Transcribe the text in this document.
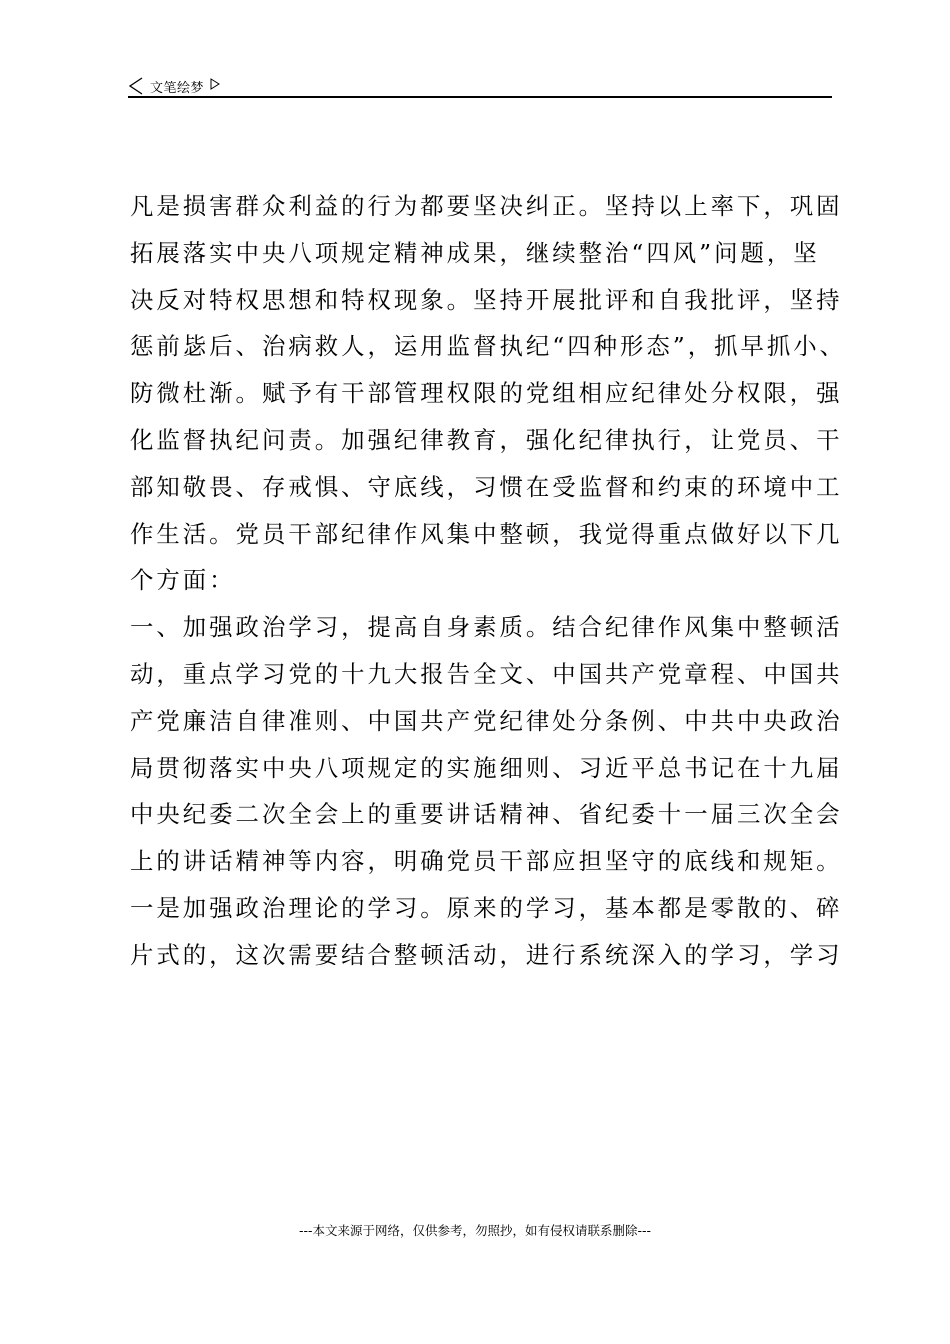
文笔绘梦
凡是损害群众利益的行为都要坚决纠正。坚持以上率下，巩固
拓展落实中央八项规定精神成果，继续整治“四风”问题，坚
决反对特权思想和特权现象。坚持开展批评和自我批评，坚持
惩前毖后、治病救人，运用监督执纪“四种形态”，抓早抓小、
防微杜渐。赋予有干部管理权限的党组相应纪律处分权限，强
化监督执纪问责。加强纪律教育，强化纪律执行，让党员、干
部知敬畏、存戒惧、守底线，习惯在受监督和约束的环境中工
作生活。党员干部纪律作风集中整顿，我觉得重点做好以下几
个方面：
一、加强政治学习，提高自身素质。结合纪律作风集中整顿活
动，重点学习党的十九大报告全文、中国共产党章程、中国共
产党廉洁自律准则、中国共产党纪律处分条例、中共中央政治
局贯彻落实中央八项规定的实施细则、习近平总书记在十九届
中央纪委二次全会上的重要讲话精神、省纪委十一届三次全会
上的讲话精神等内容，明确党员干部应担坚守的底线和规矩。
一是加强政治理论的学习。原来的学习，基本都是零散的、碎
片式的，这次需要结合整顿活动，进行系统深入的学习，学习
---本文来源于网络，仅供参考，勿照抄，如有侵权请联系删除---
